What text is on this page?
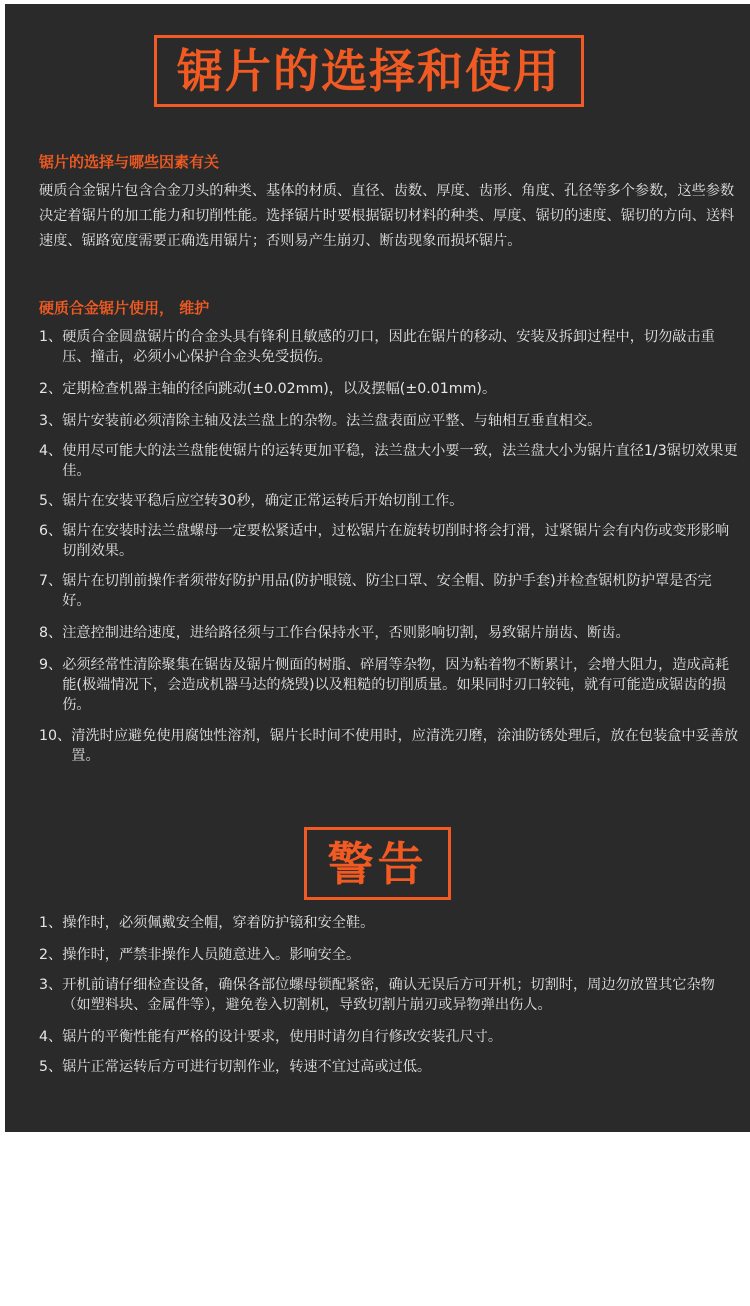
锯片的选择和使用
锯片的选择与哪些因素有关
硬质合金锯片包含合金刀头的种类、基体的材质、直径、齿数、厚度、齿形、角度、孔径等多个参数，这些参数决定着锯片的加工能力和切削性能。选择锯片时要根据锯切材料的种类、厚度、锯切的速度、锯切的方向、送料速度、锯路宽度需要正确选用锯片；否则易产生崩刃、断齿现象而损坏锯片。
硬质合金锯片使用， 维护
1、 硬质合金圆盘锯片的合金头具有锋利且敏感的刃口，因此在锯片的移动、安装及拆卸过程中，切勿敲击重压、撞击，必须小心保护合金头免受损伤。
2、 定期检查机器主轴的径向跳动(±0.02mm)，以及摆幅(±0.01mm)。
3、 锯片安装前必须清除主轴及法兰盘上的杂物。法兰盘表面应平整、与轴相互垂直相交。
4、 使用尽可能大的法兰盘能使锯片的运转更加平稳，法兰盘大小要一致，法兰盘大小为锯片直径1/3锯切效果更佳。
5、 锯片在安装平稳后应空转30秒，确定正常运转后开始切削工作。
6、 锯片在安装时法兰盘螺母一定要松紧适中，过松锯片在旋转切削时将会打滑，过紧锯片会有内伤或变形影响切削效果。
7、 锯片在切削前操作者须带好防护用品(防护眼镜、防尘口罩、安全帽、防护手套)并检查锯机防护罩是否完好。
8、 注意控制进给速度，进给路径须与工作台保持水平，否则影响切割，易致锯片崩齿、断齿。
9、 必须经常性清除聚集在锯齿及锯片侧面的树脂、碎屑等杂物，因为粘着物不断累计，会增大阻力，造成高耗能(极端情况下，会造成机器马达的烧毁)以及粗糙的切削质量。如果同时刃口较钝，就有可能造成锯齿的损伤。
10、 清洗时应避免使用腐蚀性溶剂，锯片长时间不使用时，应清洗刃磨，涂油防锈处理后，放在包装盒中妥善放置。
警告
1、 操作时，必须佩戴安全帽，穿着防护镜和安全鞋。
2、 操作时，严禁非操作人员随意进入。影响安全。
3、 开机前请仔细检查设备，确保各部位螺母锁配紧密，确认无误后方可开机；切割时，周边勿放置其它杂物（如塑料块、金属件等），避免卷入切割机，导致切割片崩刃或异物弹出伤人。
4、 锯片的平衡性能有严格的设计要求，使用时请勿自行修改安装孔尺寸。
5、 锯片正常运转后方可进行切割作业，转速不宜过高或过低。
